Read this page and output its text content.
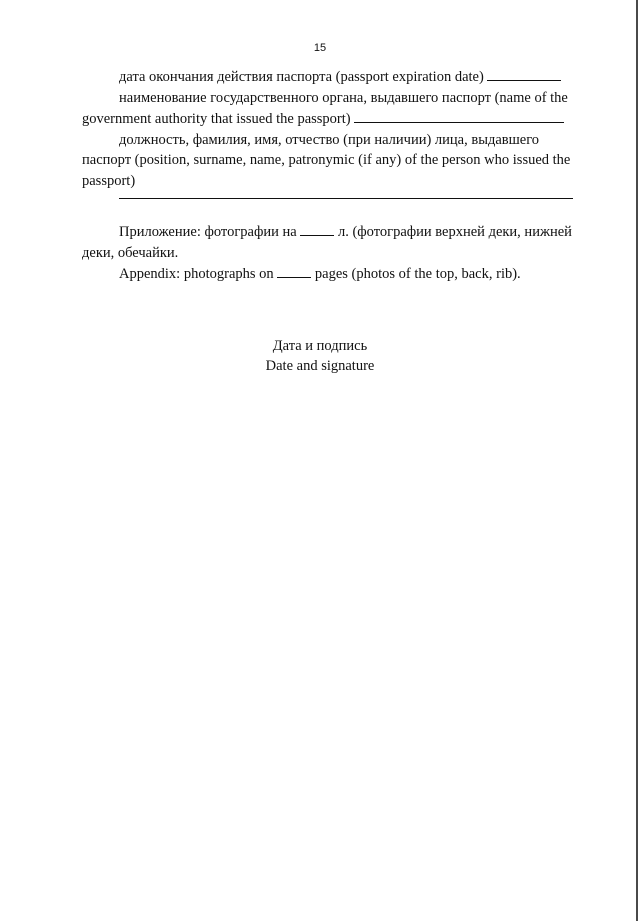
15

дата окончания действия паспорта (passport expiration date)

наименование государственного органа, выдавшего паспорт (name of the

government authority that issued the passport)

должность, фамилия, имя, отчество (при наличии) лица, выдавшего

паспорт (position, surname, name, patronymic (if any) of the person who issued the

passport)

Приложение: фотографии на	л. (фотографии верхней деки, нижней

деки, обечайки.

Appendix: photographs on	pages (photos of the top, back, rib).

Дата и подпись
Date and signature
